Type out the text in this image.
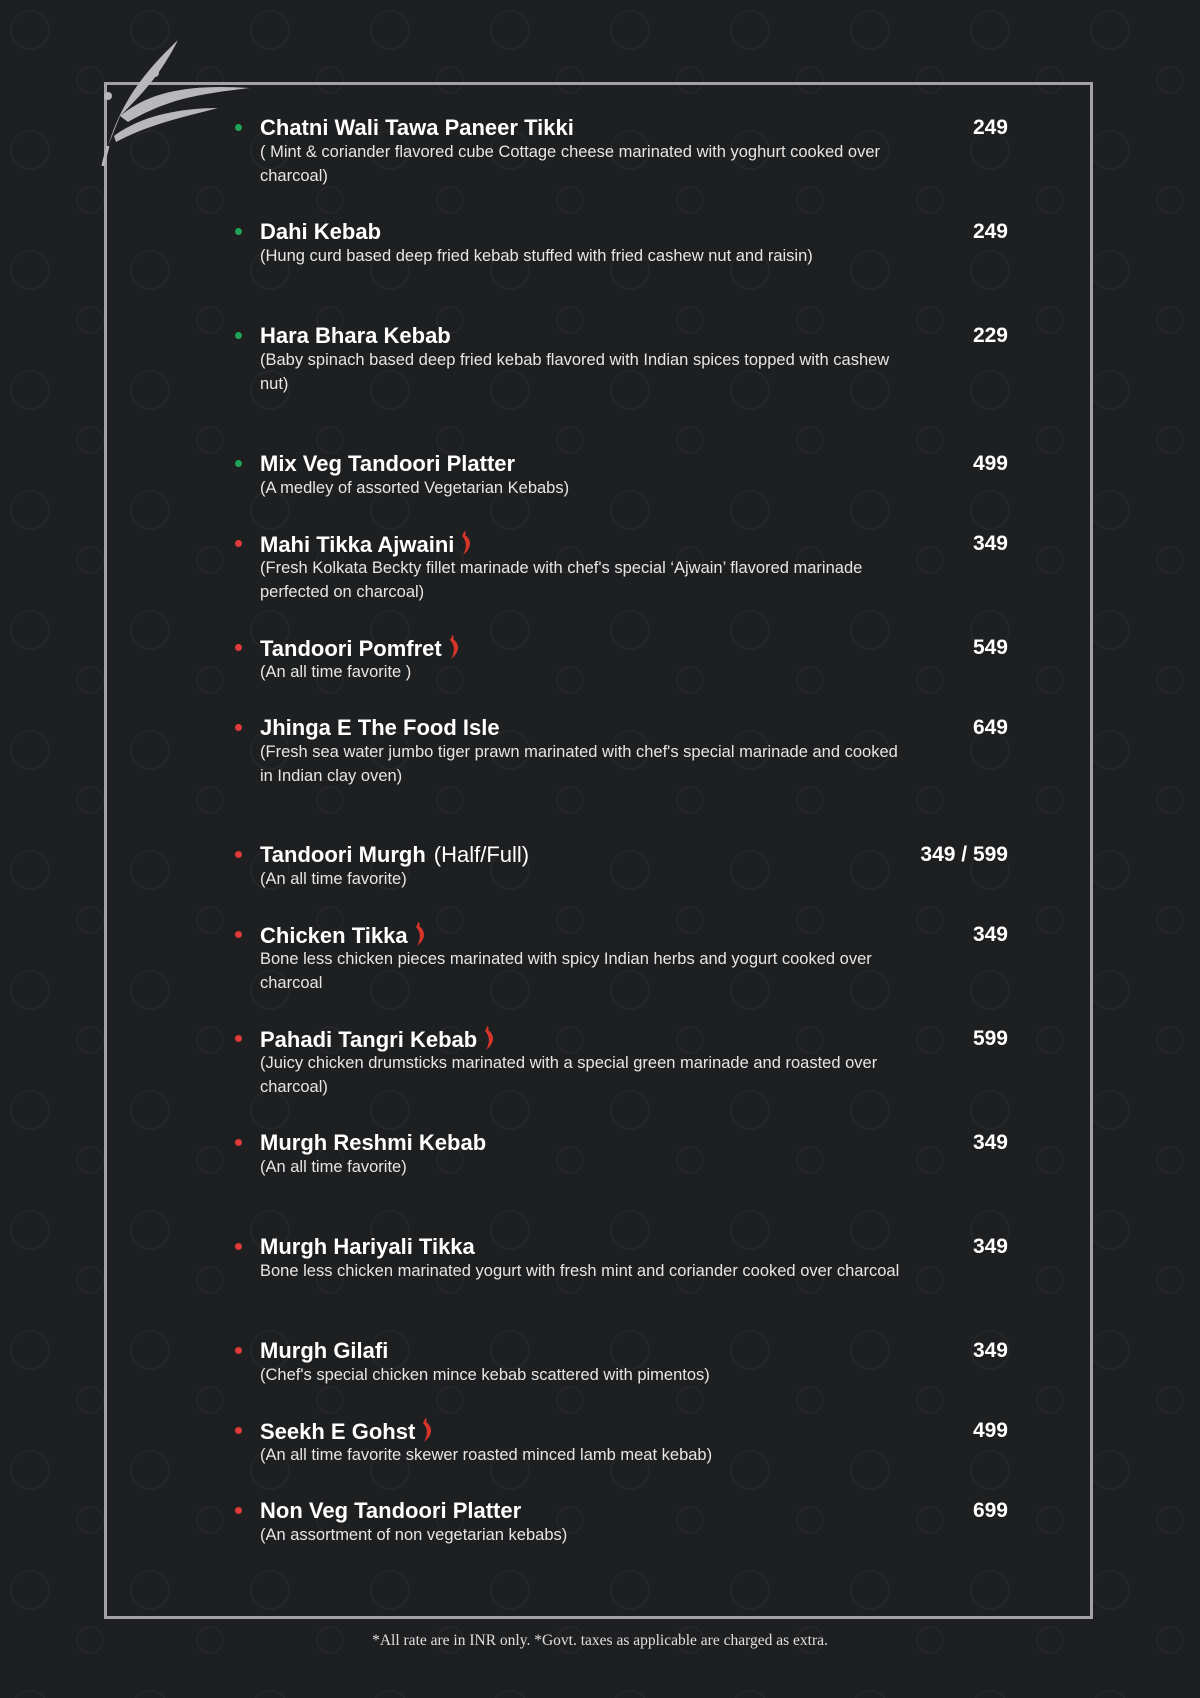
Chatni Wali Tawa Paneer Tikki
( Mint & coriander flavored cube Cottage cheese marinated with yoghurt cooked over charcoal)
249
Dahi Kebab
(Hung curd based deep fried kebab stuffed with fried cashew nut and raisin)
249
Hara Bhara Kebab
(Baby spinach based deep fried kebab flavored with Indian spices topped with cashew nut)
229
Mix Veg Tandoori Platter
(A medley of assorted Vegetarian Kebabs)
499
Mahi Tikka Ajwaini
(Fresh Kolkata Beckty fillet marinade with chef's special ‘Ajwain’ flavored marinade perfected on charcoal)
349
Tandoori Pomfret
(An all time favorite )
549
Jhinga E The Food Isle
(Fresh sea water jumbo tiger prawn marinated with chef's special marinade and cooked in Indian clay oven)
649
Tandoori Murgh (Half/Full)
(An all time favorite)
349 / 599
Chicken Tikka
Bone less chicken pieces marinated with spicy Indian herbs and yogurt cooked over charcoal
349
Pahadi Tangri Kebab
(Juicy chicken drumsticks marinated with a special green marinade and roasted over charcoal)
599
Murgh Reshmi Kebab
(An all time favorite)
349
Murgh Hariyali Tikka
Bone less chicken marinated yogurt with fresh mint and coriander cooked over charcoal
349
Murgh Gilafi
(Chef's special chicken mince kebab scattered with pimentos)
349
Seekh E Gohst
(An all time favorite skewer roasted minced lamb meat kebab)
499
Non Veg Tandoori Platter
(An assortment of non vegetarian kebabs)
699
*All rate are in INR only. *Govt. taxes as applicable are charged as extra.
